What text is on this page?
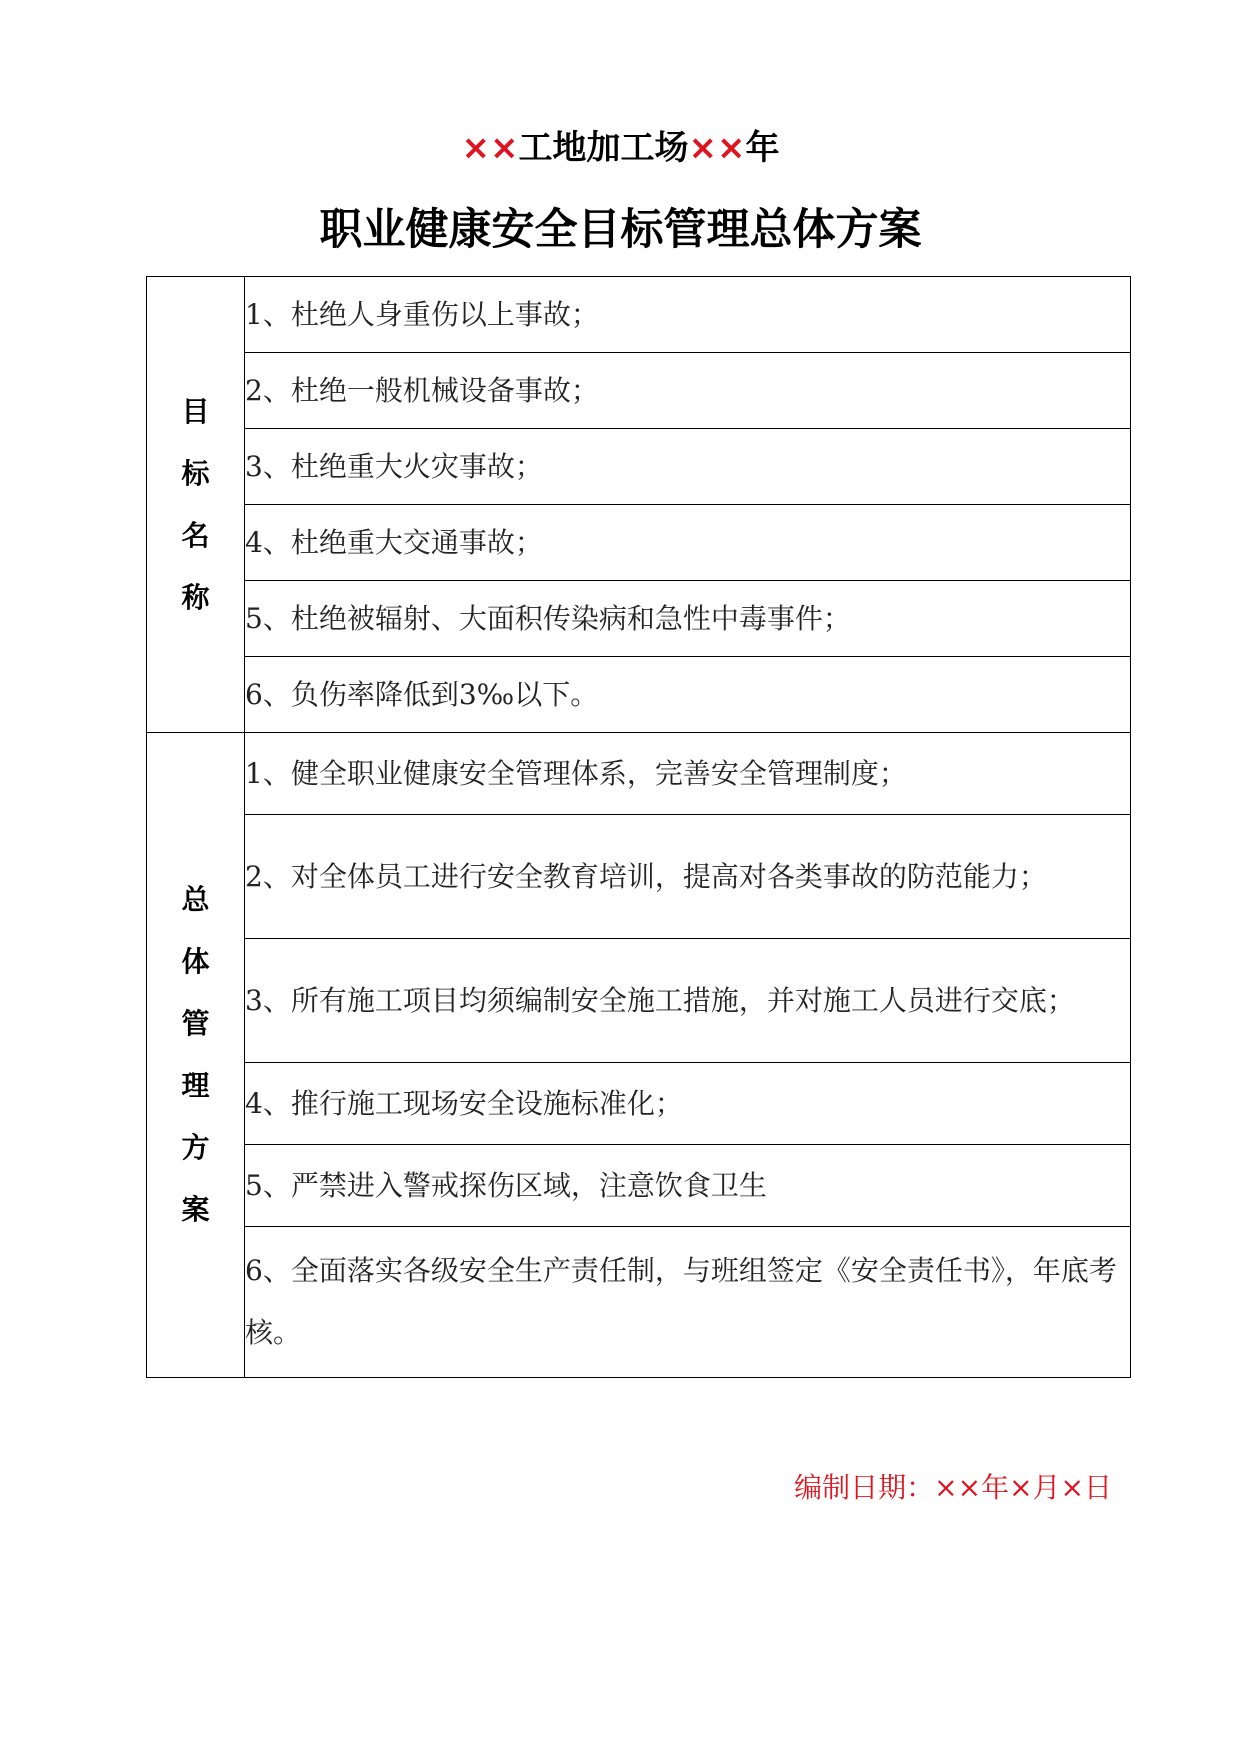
××工地加工场××年
职业健康安全目标管理总体方案
目标名称	1、杜绝人身重伤以上事故；
	2、杜绝一般机械设备事故；
	3、杜绝重大火灾事故；
	4、杜绝重大交通事故；
	5、杜绝被辐射、大面积传染病和急性中毒事件；
	6、负伤率降低到3‰以下。
总体管理方案	1、健全职业健康安全管理体系，完善安全管理制度；
	2、对全体员工进行安全教育培训，提高对各类事故的防范能力；
	3、所有施工项目均须编制安全施工措施，并对施工人员进行交底；
	4、推行施工现场安全设施标准化；
	5、严禁进入警戒探伤区域，注意饮食卫生
	6、全面落实各级安全生产责任制，与班组签定《安全责任书》，年底考核。
编制日期：××年×月×日
